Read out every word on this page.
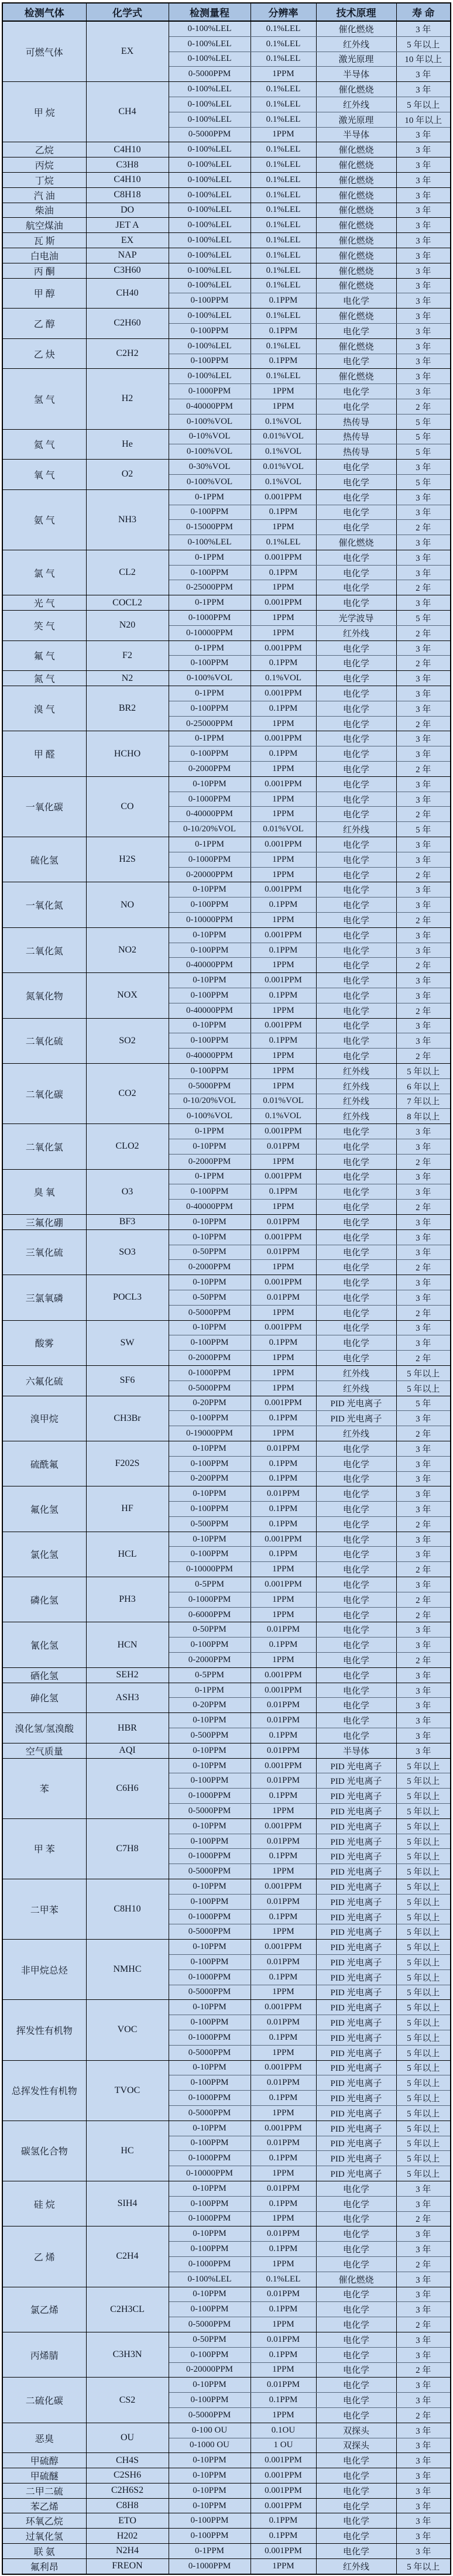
检测气体	化学式	检测量程	分辨率	技术原理	寿 命
可燃气体	EX	0-100%LEL	0.1%LEL	催化燃烧	3 年
		0-100%LEL	0.1%LEL	红外线	5 年以上
		0-100%LEL	0.1%LEL	激光原理	10 年以上
		0-5000PPM	1PPM	半导体	3 年
甲 烷	CH4	0-100%LEL	0.1%LEL	催化燃烧	3 年
		0-100%LEL	0.1%LEL	红外线	5 年以上
		0-100%LEL	0.1%LEL	激光原理	10 年以上
		0-5000PPM	1PPM	半导体	3 年
乙烷	C4H10	0-100%LEL	0.1%LEL	催化燃烧	3 年
丙烷	C3H8	0-100%LEL	0.1%LEL	催化燃烧	3 年
丁烷	C4H10	0-100%LEL	0.1%LEL	催化燃烧	3 年
汽 油	C8H18	0-100%LEL	0.1%LEL	催化燃烧	3 年
柴油	DO	0-100%LEL	0.1%LEL	催化燃烧	3 年
航空煤油	JET A	0-100%LEL	0.1%LEL	催化燃烧	3 年
瓦 斯	EX	0-100%LEL	0.1%LEL	催化燃烧	3 年
白电油	NAP	0-100%LEL	0.1%LEL	催化燃烧	3 年
丙 酮	C3H60	0-100%LEL	0.1%LEL	催化燃烧	3 年
甲 醇	CH40	0-100%LEL	0.1%LEL	催化燃烧	3 年
		0-100PPM	0.1PPM	电化学	3 年
乙 醇	C2H60	0-100%LEL	0.1%LEL	催化燃烧	3 年
		0-100PPM	0.1PPM	电化学	3 年
乙 炔	C2H2	0-100%LEL	0.1%LEL	催化燃烧	3 年
		0-100PPM	0.1PPM	电化学	3 年
氢 气	H2	0-100%LEL	0.1%LEL	催化燃烧	3 年
		0-1000PPM	1PPM	电化学	3 年
		0-40000PPM	1PPM	电化学	2 年
		0-100%VOL	0.1%VOL	热传导	5 年
氦 气	He	0-10%VOL	0.01%VOL	热传导	5 年
		0-100%VOL	0.1%VOL	热传导	5 年
氧 气	O2	0-30%VOL	0.01%VOL	电化学	3 年
		0-100%VOL	0.1%VOL	电化学	5 年
氨 气	NH3	0-1PPM	0.001PPM	电化学	3 年
		0-100PPM	0.1PPM	电化学	3 年
		0-15000PPM	1PPM	电化学	2 年
		0-100%LEL	0.1%LEL	催化燃烧	3 年
氯 气	CL2	0-1PPM	0.001PPM	电化学	3 年
		0-100PPM	0.1PPM	电化学	3 年
		0-25000PPM	1PPM	电化学	2 年
光 气	COCL2	0-1PPM	0.001PPM	电化学	3 年
笑 气	N20	0-1000PPM	1PPM	光学波导	5 年
		0-10000PPM	1PPM	红外线	2 年
氟 气	F2	0-1PPM	0.001PPM	电化学	3 年
		0-100PPM	0.1PPM	电化学	2 年
氮 气	N2	0-100%VOL	0.1%VOL	电化学	3 年
溴 气	BR2	0-1PPM	0.001PPM	电化学	3 年
		0-100PPM	0.1PPM	电化学	3 年
		0-25000PPM	1PPM	电化学	2 年
甲 醛	HCHO	0-1PPM	0.001PPM	电化学	3 年
		0-100PPM	0.1PPM	电化学	3 年
		0-2000PPM	1PPM	电化学	2 年
一氧化碳	CO	0-10PPM	0.001PPM	电化学	3 年
		0-1000PPM	1PPM	电化学	3 年
		0-40000PPM	1PPM	电化学	2 年
		0-10/20%VOL	0.01%VOL	红外线	5 年
硫化氢	H2S	0-1PPM	0.001PPM	电化学	3 年
		0-1000PPM	1PPM	电化学	3 年
		0-20000PPM	1PPM	电化学	2 年
一氧化氮	NO	0-10PPM	0.001PPM	电化学	3 年
		0-100PPM	0.1PPM	电化学	3 年
		0-10000PPM	1PPM	电化学	2 年
二氧化氮	NO2	0-10PPM	0.001PPM	电化学	3 年
		0-100PPM	0.1PPM	电化学	3 年
		0-40000PPM	1PPM	电化学	2 年
氮氧化物	NOX	0-10PPM	0.001PPM	电化学	3 年
		0-100PPM	0.1PPM	电化学	3 年
		0-40000PPM	1PPM	电化学	2 年
二氧化硫	SO2	0-10PPM	0.001PPM	电化学	3 年
		0-100PPM	0.1PPM	电化学	3 年
		0-40000PPM	1PPM	电化学	2 年
二氧化碳	CO2	0-100PPM	1PPM	红外线	5 年以上
		0-5000PPM	1PPM	红外线	6 年以上
		0-10/20%VOL	0.01%VOL	红外线	7 年以上
		0-100%VOL	0.1%VOL	红外线	8 年以上
二氧化氯	CLO2	0-1PPM	0.001PPM	电化学	3 年
		0-10PPM	0.01PPM	电化学	3 年
		0-2000PPM	1PPM	电化学	2 年
臭 氧	O3	0-1PPM	0.001PPM	电化学	3 年
		0-100PPM	0.1PPM	电化学	3 年
		0-40000PPM	1PPM	电化学	2 年
三氟化硼	BF3	0-10PPM	0.01PPM	电化学	3 年
三氧化硫	SO3	0-10PPM	0.001PPM	电化学	3 年
		0-50PPM	0.01PPM	电化学	3 年
		0-2000PPM	1PPM	电化学	2 年
三氯氧磷	POCL3	0-10PPM	0.001PPM	电化学	3 年
		0-50PPM	0.01PPM	电化学	3 年
		0-5000PPM	1PPM	电化学	2 年
酸雾	SW	0-10PPM	0.001PPM	电化学	3 年
		0-100PPM	0.1PPM	电化学	3 年
		0-2000PPM	1PPM	电化学	2 年
六氟化硫	SF6	0-1000PPM	1PPM	红外线	5 年以上
		0-5000PPM	1PPM	红外线	5 年以上
溴甲烷	CH3Br	0-20PPM	0.001PPM	PID 光电离子	5 年
		0-100PPM	0.1PPM	PID 光电离子	3 年
		0-19000PPM	1PPM	红外线	2 年
硫酰氟	F202S	0-10PPM	0.01PPM	电化学	3 年
		0-100PPM	0.1PPM	电化学	3 年
		0-200PPM	0.1PPM	电化学	3 年
氟化氢	HF	0-10PPM	0.01PPM	电化学	3 年
		0-100PPM	0.1PPM	电化学	3 年
		0-500PPM	0.1PPM	电化学	2 年
氯化氢	HCL	0-10PPM	0.001PPM	电化学	3 年
		0-100PPM	0.1PPM	电化学	3 年
		0-10000PPM	1PPM	电化学	2 年
磷化氢	PH3	0-5PPM	0.001PPM	电化学	3 年
		0-1000PPM	1PPM	电化学	2 年
		0-6000PPM	1PPM	电化学	2 年
氰化氢	HCN	0-50PPM	0.01PPM	电化学	3 年
		0-100PPM	0.1PPM	电化学	3 年
		0-2000PPM	1PPM	电化学	2 年
硒化氢	SEH2	0-5PPM	0.001PPM	电化学	3 年
砷化氢	ASH3	0-1PPM	0.001PPM	电化学	3 年
		0-20PPM	0.01PPM	电化学	3 年
溴化氢/氢溴酸	HBR	0-10PPM	0.01PPM	电化学	3 年
		0-500PPM	0.1PPM	电化学	3 年
空气质量	AQI	0-10PPM	0.01PPM	半导体	3 年
苯	C6H6	0-10PPM	0.001PPM	PID 光电离子	5 年以上
		0-100PPM	0.01PPM	PID 光电离子	5 年以上
		0-1000PPM	0.1PPM	PID 光电离子	5 年以上
		0-5000PPM	1PPM	PID 光电离子	5 年以上
甲 苯	C7H8	0-10PPM	0.001PPM	PID 光电离子	5 年以上
		0-100PPM	0.01PPM	PID 光电离子	5 年以上
		0-1000PPM	0.1PPM	PID 光电离子	5 年以上
		0-5000PPM	1PPM	PID 光电离子	5 年以上
二甲苯	C8H10	0-10PPM	0.001PPM	PID 光电离子	5 年以上
		0-100PPM	0.01PPM	PID 光电离子	5 年以上
		0-1000PPM	0.1PPM	PID 光电离子	5 年以上
		0-5000PPM	1PPM	PID 光电离子	5 年以上
非甲烷总烃	NMHC	0-10PPM	0.001PPM	PID 光电离子	5 年以上
		0-100PPM	0.01PPM	PID 光电离子	5 年以上
		0-1000PPM	0.1PPM	PID 光电离子	5 年以上
		0-5000PPM	1PPM	PID 光电离子	5 年以上
挥发性有机物	VOC	0-10PPM	0.001PPM	PID 光电离子	5 年以上
		0-100PPM	0.01PPM	PID 光电离子	5 年以上
		0-1000PPM	0.1PPM	PID 光电离子	5 年以上
		0-5000PPM	1PPM	PID 光电离子	5 年以上
总挥发性有机物	TVOC	0-10PPM	0.001PPM	PID 光电离子	5 年以上
		0-100PPM	0.01PPM	PID 光电离子	5 年以上
		0-1000PPM	0.1PPM	PID 光电离子	5 年以上
		0-5000PPM	1PPM	PID 光电离子	5 年以上
碳氢化合物	HC	0-10PPM	0.001PPM	PID 光电离子	5 年以上
		0-100PPM	0.01PPM	PID 光电离子	5 年以上
		0-1000PPM	0.1PPM	PID 光电离子	5 年以上
		0-10000PPM	1PPM	PID 光电离子	5 年以上
硅 烷	SIH4	0-10PPM	0.01PPM	电化学	3 年
		0-100PPM	0.1PPM	电化学	3 年
		0-1000PPM	1PPM	电化学	2 年
乙 烯	C2H4	0-10PPM	0.01PPM	电化学	3 年
		0-100PPM	0.1PPM	电化学	3 年
		0-1000PPM	1PPM	电化学	2 年
		0-100%LEL	0.1%LEL	催化燃烧	3 年
氯乙烯	C2H3CL	0-10PPM	0.01PPM	电化学	3 年
		0-100PPM	0.1PPM	电化学	3 年
		0-5000PPM	1PPM	电化学	2 年
丙烯腈	C3H3N	0-50PPM	0.01PPM	电化学	3 年
		0-100PPM	0.1PPM	电化学	3 年
		0-20000PPM	1PPM	电化学	2 年
二硫化碳	CS2	0-10PPM	0.01PPM	电化学	3 年
		0-100PPM	0.1PPM	电化学	3 年
		0-5000PPM	1PPM	电化学	2 年
恶臭	OU	0-100 OU	0.1OU	双探头	3 年
		0-1000 OU	1 OU	双探头	3 年
甲硫醇	CH4S	0-10PPM	0.001PPM	电化学	3 年
甲硫醚	C2SH6	0-10PPM	0.001PPM	电化学	3 年
二甲二硫	C2H6S2	0-10PPM	0.001PPM	电化学	3 年
苯乙烯	C8H8	0-10PPM	0.001PPM	电化学	3 年
环氧乙烷	ETO	0-100PPM	0.1PPM	电化学	3 年
过氧化氢	H202	0-100PPM	0.1PPM	电化学	3 年
联 氨	N2H4	0-1PPM	0.001PPM	电化学	3 年
氟利昂	FREON	0-1000PPM	1PPM	红外线	5 年以上
